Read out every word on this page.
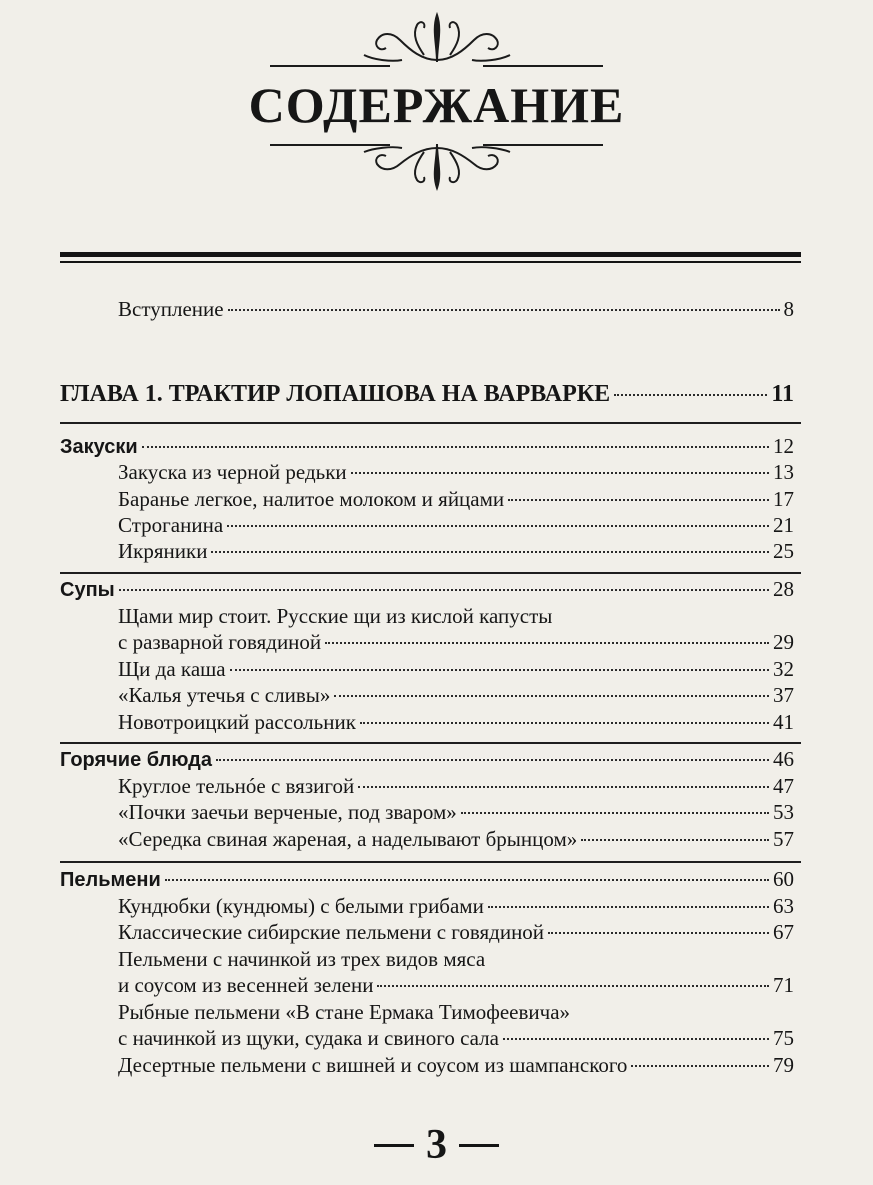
СОДЕРЖАНИЕ
Вступление	8
ГЛАВА 1. ТРАКТИР ЛОПАШОВА НА ВАРВАРКЕ	11
Закуски	12
Закуска из черной редьки	13
Баранье легкое, налитое молоком и яйцами	17
Строганина	21
Икряники	25
Супы	28
Щами мир стоит. Русские щи из кислой капусты
с разварной говядиной	29
Щи да каша	32
«Калья утечья с сливы»	37
Новотроицкий рассольник	41
Горячие блюда	46
Круглое тельнóе с вязигой	47
«Почки заечьи верченые, под зваром»	53
«Середка свиная жареная, а наделывают брынцом»	57
Пельмени	60
Кундюбки (кундюмы) с белыми грибами	63
Классические сибирские пельмени с говядиной	67
Пельмени с начинкой из трех видов мяса
и соусом из весенней зелени	71
Рыбные пельмени «В стане Ермака Тимофеевича»
с начинкой из щуки, судака и свиного сала	75
Десертные пельмени с вишней и соусом из шампанского	79
3
